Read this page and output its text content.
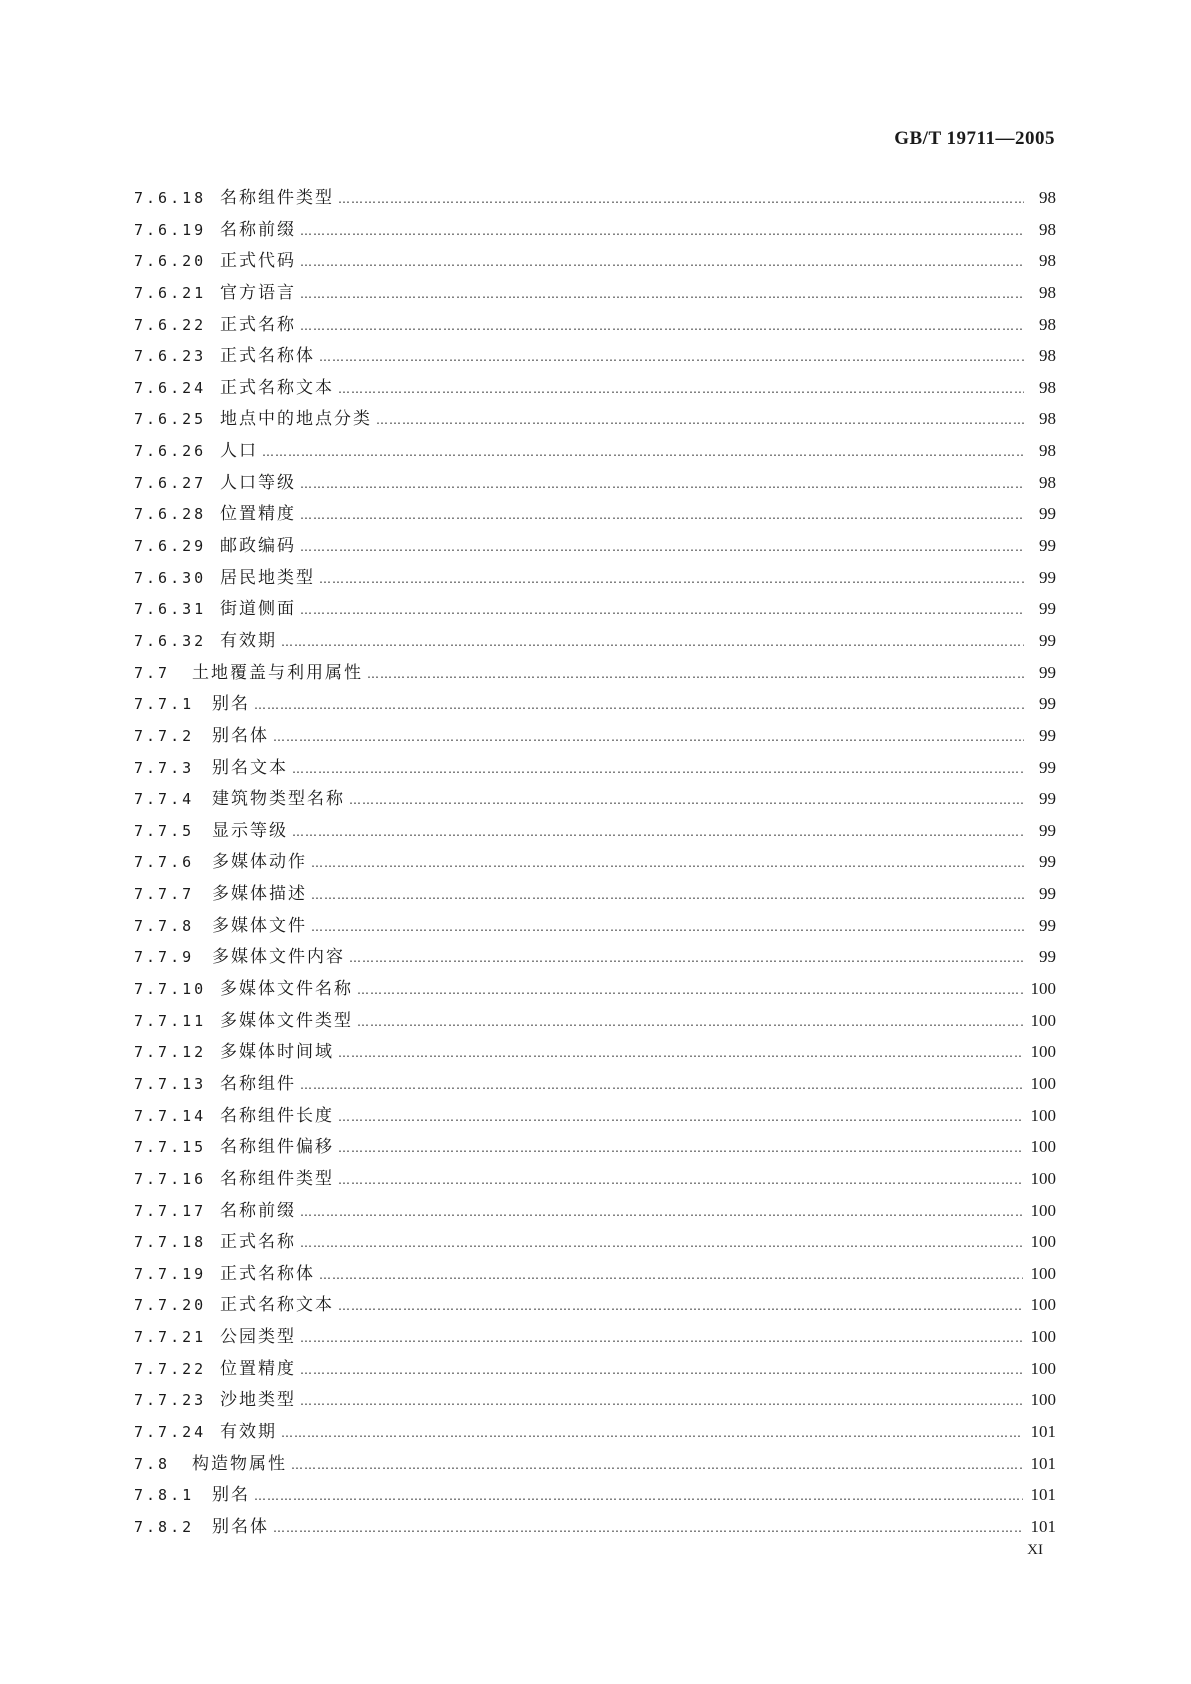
GB/T 19711—2005
7.6.18 名称组件类型 …………………………………………………………………………………………………………………………………………………………………………………………………………………………………	98
7.6.19 名称前缀 …………………………………………………………………………………………………………………………………………………………………………………………………………………………………	98
7.6.20 正式代码 …………………………………………………………………………………………………………………………………………………………………………………………………………………………………	98
7.6.21 官方语言 …………………………………………………………………………………………………………………………………………………………………………………………………………………………………	98
7.6.22 正式名称 …………………………………………………………………………………………………………………………………………………………………………………………………………………………………	98
7.6.23 正式名称体 …………………………………………………………………………………………………………………………………………………………………………………………………………………………………	98
7.6.24 正式名称文本 …………………………………………………………………………………………………………………………………………………………………………………………………………………………………	98
7.6.25 地点中的地点分类 …………………………………………………………………………………………………………………………………………………………………………………………………………………………………	98
7.6.26 人口 …………………………………………………………………………………………………………………………………………………………………………………………………………………………………	98
7.6.27 人口等级 …………………………………………………………………………………………………………………………………………………………………………………………………………………………………	98
7.6.28 位置精度 …………………………………………………………………………………………………………………………………………………………………………………………………………………………………	99
7.6.29 邮政编码 …………………………………………………………………………………………………………………………………………………………………………………………………………………………………	99
7.6.30 居民地类型 …………………………………………………………………………………………………………………………………………………………………………………………………………………………………	99
7.6.31 街道侧面 …………………………………………………………………………………………………………………………………………………………………………………………………………………………………	99
7.6.32 有效期 …………………………………………………………………………………………………………………………………………………………………………………………………………………………………	99
7.7	土地覆盖与利用属性 …………………………………………………………………………………………………………………………………………………………………………………………………………………………………	99
7.7.1	别名 …………………………………………………………………………………………………………………………………………………………………………………………………………………………………	99
7.7.2	别名体 …………………………………………………………………………………………………………………………………………………………………………………………………………………………………	99
7.7.3	别名文本 …………………………………………………………………………………………………………………………………………………………………………………………………………………………………	99
7.7.4	建筑物类型名称 …………………………………………………………………………………………………………………………………………………………………………………………………………………………………	99
7.7.5	显示等级 …………………………………………………………………………………………………………………………………………………………………………………………………………………………………	99
7.7.6	多媒体动作 …………………………………………………………………………………………………………………………………………………………………………………………………………………………………	99
7.7.7	多媒体描述 …………………………………………………………………………………………………………………………………………………………………………………………………………………………………	99
7.7.8	多媒体文件 …………………………………………………………………………………………………………………………………………………………………………………………………………………………………	99
7.7.9	多媒体文件内容 …………………………………………………………………………………………………………………………………………………………………………………………………………………………………	99
7.7.10 多媒体文件名称 …………………………………………………………………………………………………………………………………………………………………………………………………………………………………	100
7.7.11 多媒体文件类型 …………………………………………………………………………………………………………………………………………………………………………………………………………………………………	100
7.7.12 多媒体时间域 …………………………………………………………………………………………………………………………………………………………………………………………………………………………………	100
7.7.13 名称组件 …………………………………………………………………………………………………………………………………………………………………………………………………………………………………	100
7.7.14 名称组件长度 …………………………………………………………………………………………………………………………………………………………………………………………………………………………………	100
7.7.15 名称组件偏移 …………………………………………………………………………………………………………………………………………………………………………………………………………………………………	100
7.7.16 名称组件类型 …………………………………………………………………………………………………………………………………………………………………………………………………………………………………	100
7.7.17 名称前缀 …………………………………………………………………………………………………………………………………………………………………………………………………………………………………	100
7.7.18 正式名称 …………………………………………………………………………………………………………………………………………………………………………………………………………………………………	100
7.7.19 正式名称体 …………………………………………………………………………………………………………………………………………………………………………………………………………………………………	100
7.7.20 正式名称文本 …………………………………………………………………………………………………………………………………………………………………………………………………………………………………	100
7.7.21 公园类型 …………………………………………………………………………………………………………………………………………………………………………………………………………………………………	100
7.7.22 位置精度 …………………………………………………………………………………………………………………………………………………………………………………………………………………………………	100
7.7.23 沙地类型 …………………………………………………………………………………………………………………………………………………………………………………………………………………………………	100
7.7.24 有效期 …………………………………………………………………………………………………………………………………………………………………………………………………………………………………	101
7.8	构造物属性 …………………………………………………………………………………………………………………………………………………………………………………………………………………………………	101
7.8.1	别名 …………………………………………………………………………………………………………………………………………………………………………………………………………………………………	101
7.8.2	别名体 …………………………………………………………………………………………………………………………………………………………………………………………………………………………………	101
XI
